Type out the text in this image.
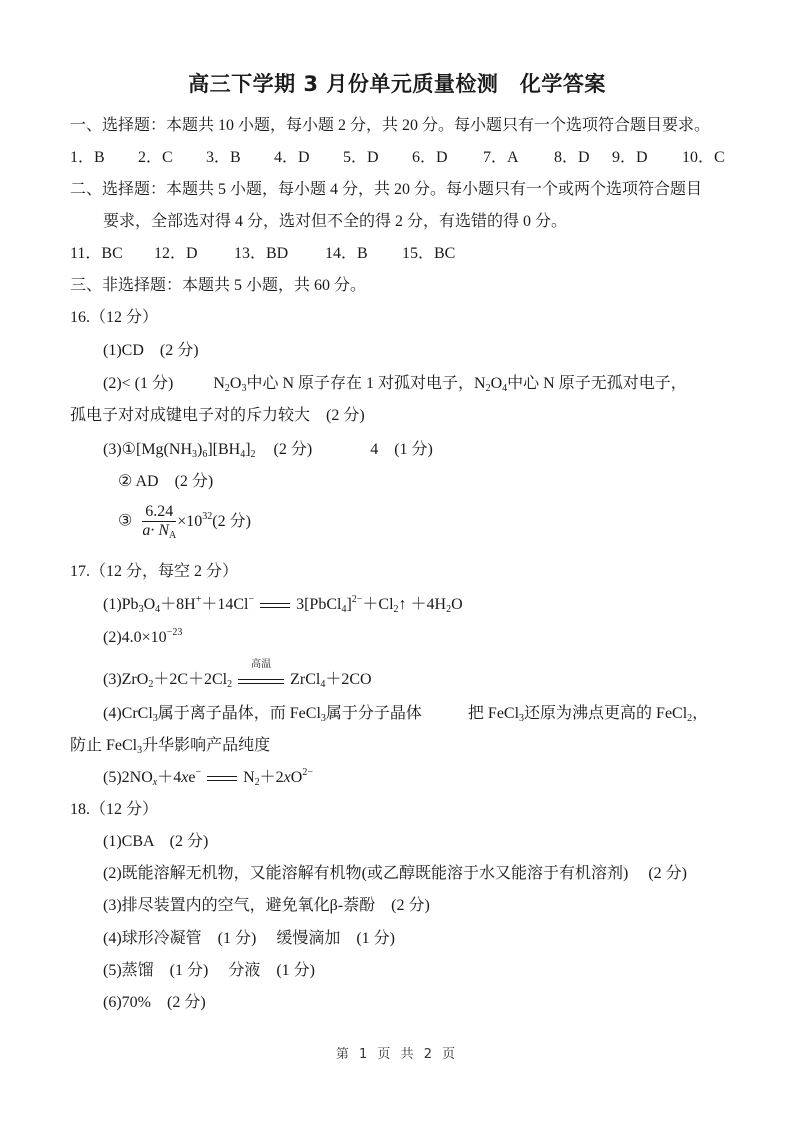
高三下学期 3 月份单元质量检测　化学答案
一、选择题：本题共 10 小题，每小题 2 分，共 20 分。每小题只有一个选项符合题目要求。
1．B 2．C 3．B 4．D 5．D 6．D 7．A 8．D 9．D 10．C
二、选择题：本题共 5 小题，每小题 4 分，共 20 分。每小题只有一个或两个选项符合题目
要求，全部选对得 4 分，选对但不全的得 2 分，有选错的得 0 分。
11．BC 12．D 13．BD 14．B 15．BC
三、非选择题：本题共 5 小题，共 60 分。
16.（12 分）
(1)CD　(2 分)
(2)< (1 分)	$N_2O_3$中心 N 原子存在 1 对孤对电子，$N_2O_4$中心 N 原子无孤对电子，
孤电子对对成键电子对的斥力较大　(2 分)
$(3)①[Mg(NH_3)_6][BH_4]_2$ (2 分)	4　(1 分)
② AD　(2 分)
③ $\frac{6.24}{a\cdot N_A} \times 10^{32}(2$ 分)
17.（12 分，每空 2 分）
$(1)Pb_3O_4+8H^++14Cl^-$	$3[PbCl_4]^{2-}+Cl_2↑ +4H_2O$
$(2)4.0\times 10^{-23}$
$(3)ZrO_2+2C+2Cl_2$
高温
ZrCl$_4$＋2CO
(4)CrCl$_3$属于离子晶体，而 FeCl$_3$属于分子晶体	把 FeCl$_3$还原为沸点更高的 FeCl$_2$，
防止 FeCl$_3$升华影响产品纯度
$(5)2NO_x+4xe^-$	$N_2+2xO^{2-}$
18.（12 分）
(1)CBA　(2 分)
(2)既能溶解无机物，又能溶解有机物(或乙醇既能溶于水又能溶于有机溶剂)　 (2 分)
(3)排尽装置内的空气，避免氧化β-萘酚　(2 分)
(4)球形冷凝管　(1 分)　 缓慢滴加　(1 分)
(5)蒸馏　(1 分)　 分液　(1 分)
(6)70%　(2 分)
第 1 页 共 2 页
